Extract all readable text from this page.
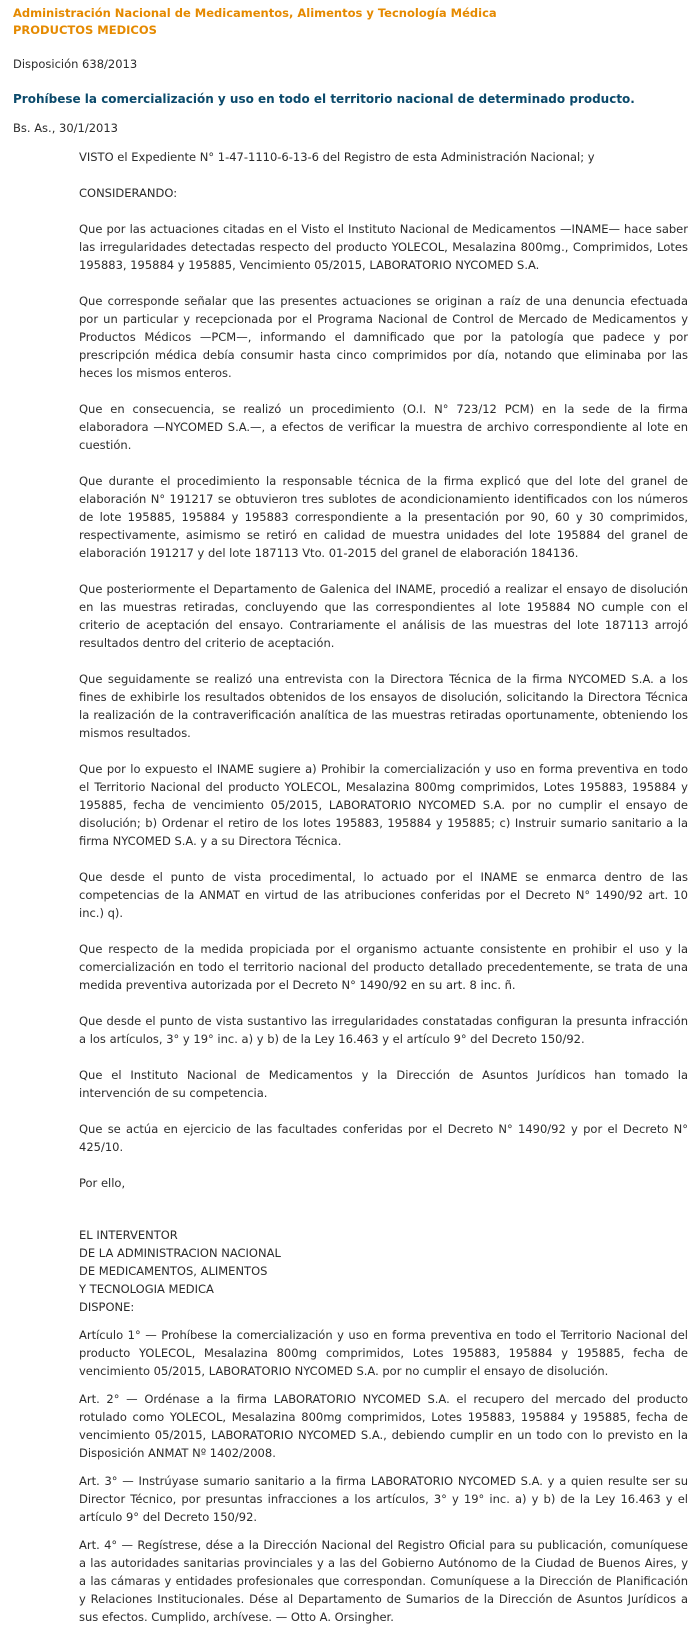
Administración Nacional de Medicamentos, Alimentos y Tecnología Médica
PRODUCTOS MEDICOS
Disposición 638/2013
Prohíbese la comercialización y uso en todo el territorio nacional de determinado producto.
Bs. As., 30/1/2013

VISTO el Expediente N° 1-47-1110-6-13-6 del Registro de esta Administración Nacional; y

CONSIDERANDO:

Que por las actuaciones citadas en el Visto el Instituto Nacional de Medicamentos —INAME— hace saber las irregularidades detectadas respecto del producto YOLECOL, Mesalazina 800mg., Comprimidos, Lotes 195883, 195884 y 195885, Vencimiento 05/2015, LABORATORIO NYCOMED S.A.

Que corresponde señalar que las presentes actuaciones se originan a raíz de una denuncia efectuada por un particular y recepcionada por el Programa Nacional de Control de Mercado de Medicamentos y Productos Médicos —PCM—, informando el damnificado que por la patología que padece y por prescripción médica debía consumir hasta cinco comprimidos por día, notando que eliminaba por las heces los mismos enteros.

Que en consecuencia, se realizó un procedimiento (O.I. N° 723/12 PCM) en la sede de la firma elaboradora —NYCOMED S.A.—, a efectos de verificar la muestra de archivo correspondiente al lote en cuestión.

Que durante el procedimiento la responsable técnica de la firma explicó que del lote del granel de elaboración N° 191217 se obtuvieron tres sublotes de acondicionamiento identificados con los números de lote 195885, 195884 y 195883 correspondiente a la presentación por 90, 60 y 30 comprimidos, respectivamente, asimismo se retiró en calidad de muestra unidades del lote 195884 del granel de elaboración 191217 y del lote 187113 Vto. 01-2015 del granel de elaboración 184136.

Que posteriormente el Departamento de Galenica del INAME, procedió a realizar el ensayo de disolución en las muestras retiradas, concluyendo que las correspondientes al lote 195884 NO cumple con el criterio de aceptación del ensayo. Contrariamente el análisis de las muestras del lote 187113 arrojó resultados dentro del criterio de aceptación.

Que seguidamente se realizó una entrevista con la Directora Técnica de la firma NYCOMED S.A. a los fines de exhibirle los resultados obtenidos de los ensayos de disolución, solicitando la Directora Técnica la realización de la contraverificación analítica de las muestras retiradas oportunamente, obteniendo los mismos resultados.

Que por lo expuesto el INAME sugiere a) Prohibir la comercialización y uso en forma preventiva en todo el Territorio Nacional del producto YOLECOL, Mesalazina 800mg comprimidos, Lotes 195883, 195884 y 195885, fecha de vencimiento 05/2015, LABORATORIO NYCOMED S.A. por no cumplir el ensayo de disolución; b) Ordenar el retiro de los lotes 195883, 195884 y 195885; c) Instruir sumario sanitario a la firma NYCOMED S.A. y a su Directora Técnica.

Que desde el punto de vista procedimental, lo actuado por el INAME se enmarca dentro de las competencias de la ANMAT en virtud de las atribuciones conferidas por el Decreto N° 1490/92 art. 10 inc.) q).

Que respecto de la medida propiciada por el organismo actuante consistente en prohibir el uso y la comercialización en todo el territorio nacional del producto detallado precedentemente, se trata de una medida preventiva autorizada por el Decreto N° 1490/92 en su art. 8 inc. ñ.

Que desde el punto de vista sustantivo las irregularidades constatadas configuran la presunta infracción a los artículos, 3° y 19° inc. a) y b) de la Ley 16.463 y el artículo 9° del Decreto 150/92.

Que el Instituto Nacional de Medicamentos y la Dirección de Asuntos Jurídicos han tomado la intervención de su competencia.

Que se actúa en ejercicio de las facultades conferidas por el Decreto N° 1490/92 y por el Decreto N° 425/10.

Por ello,

EL INTERVENTOR
DE LA ADMINISTRACION NACIONAL
DE MEDICAMENTOS, ALIMENTOS
Y TECNOLOGIA MEDICA
DISPONE:

Artículo 1° — Prohíbese la comercialización y uso en forma preventiva en todo el Territorio Nacional del producto YOLECOL, Mesalazina 800mg comprimidos, Lotes 195883, 195884 y 195885, fecha de vencimiento 05/2015, LABORATORIO NYCOMED S.A. por no cumplir el ensayo de disolución.

Art. 2° — Ordénase a la firma LABORATORIO NYCOMED S.A. el recupero del mercado del producto rotulado como YOLECOL, Mesalazina 800mg comprimidos, Lotes 195883, 195884 y 195885, fecha de vencimiento 05/2015, LABORATORIO NYCOMED S.A., debiendo cumplir en un todo con lo previsto en la Disposición ANMAT Nº 1402/2008.

Art. 3° — Instrúyase sumario sanitario a la firma LABORATORIO NYCOMED S.A. y a quien resulte ser su Director Técnico, por presuntas infracciones a los artículos, 3° y 19° inc. a) y b) de la Ley 16.463 y el artículo 9° del Decreto 150/92.

Art. 4° — Regístrese, dése a la Dirección Nacional del Registro Oficial para su publicación, comuníquese a las autoridades sanitarias provinciales y a las del Gobierno Autónomo de la Ciudad de Buenos Aires, y a las cámaras y entidades profesionales que correspondan. Comuníquese a la Dirección de Planificación y Relaciones Institucionales. Dése al Departamento de Sumarios de la Dirección de Asuntos Jurídicos a sus efectos. Cumplido, archívese. — Otto A. Orsingher.
